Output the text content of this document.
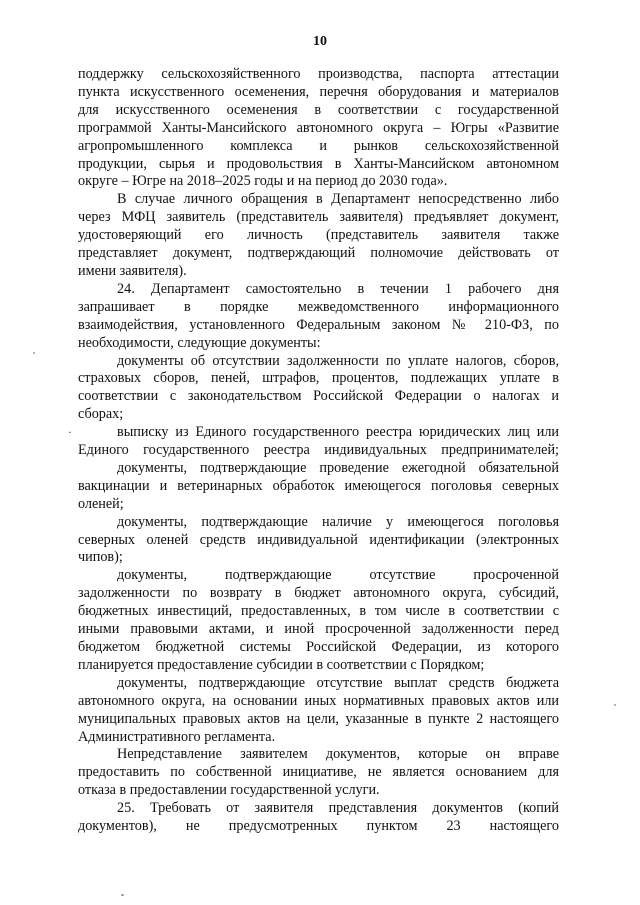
10
поддержку сельскохозяйственного производства, паспорта аттестации
пункта искусственного осеменения, перечня оборудования и материалов
для искусственного осеменения в соответствии с государственной
программой Ханты-Мансийского автономного округа – Югры «Развитие
агропромышленного комплекса и рынков сельскохозяйственной
продукции, сырья и продовольствия в Ханты-Мансийском автономном
округе – Югре на 2018–2025 годы и на период до 2030 года».
В случае личного обращения в Департамент непосредственно либо
через МФЦ заявитель (представитель заявителя) предъявляет документ,
удостоверяющий его личность (представитель заявителя также
представляет документ, подтверждающий полномочие действовать от
имени заявителя).
24. Департамент самостоятельно в течении 1 рабочего дня
запрашивает в порядке межведомственного информационного
взаимодействия, установленного Федеральным законом № 210-ФЗ, по
необходимости, следующие документы:
документы об отсутствии задолженности по уплате налогов, сборов,
страховых сборов, пеней, штрафов, процентов, подлежащих уплате в
соответствии с законодательством Российской Федерации о налогах и
сборах;
выписку из Единого государственного реестра юридических лиц или
·
Единого государственного реестра индивидуальных предпринимателей;
документы, подтверждающие проведение ежегодной обязательной
вакцинации и ветеринарных обработок имеющегося поголовья северных
оленей;
документы, подтверждающие наличие у имеющегося поголовья
северных оленей средств индивидуальной идентификации (электронных
чипов);
документы, подтверждающие отсутствие просроченной
задолженности по возврату в бюджет автономного округа, субсидий,
бюджетных инвестиций, предоставленных, в том числе в соответствии с
иными правовыми актами, и иной просроченной задолженности перед
бюджетом бюджетной системы Российской Федерации, из которого
планируется предоставление субсидии в соответствии с Порядком;
документы, подтверждающие отсутствие выплат средств бюджета
автономного округа, на основании иных нормативных правовых актов или
муниципальных правовых актов на цели, указанные в пункте 2 настоящего
Административного регламента.
Непредставление заявителем документов, которые он вправе
предоставить по собственной инициативе, не является основанием для
отказа в предоставлении государственной услуги.
25. Требовать от заявителя представления документов (копий
документов), не предусмотренных пунктом 23 настоящего
